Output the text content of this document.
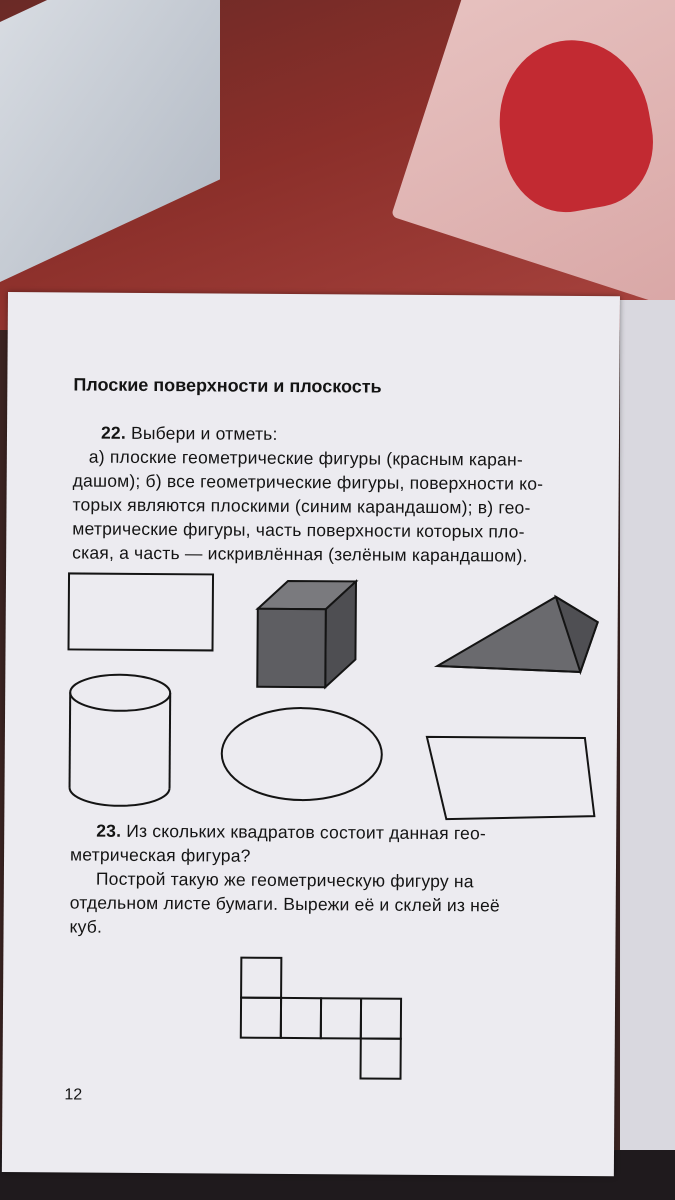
Плоские поверхности и плоскость
22. Выбери и отметь:
а) плоские геометрические фигуры (красным каран-
дашом); б) все геометрические фигуры, поверхности ко-
торых являются плоскими (синим карандашом); в) гео-
метрические фигуры, часть поверхности которых пло-
ская, а часть — искривлённая (зелёным карандашом).
23. Из скольких квадратов состоит данная гео-
метрическая фигура?
Построй такую же геометрическую фигуру на
отдельном листе бумаги. Вырежи её и склей из неё
куб.
12
